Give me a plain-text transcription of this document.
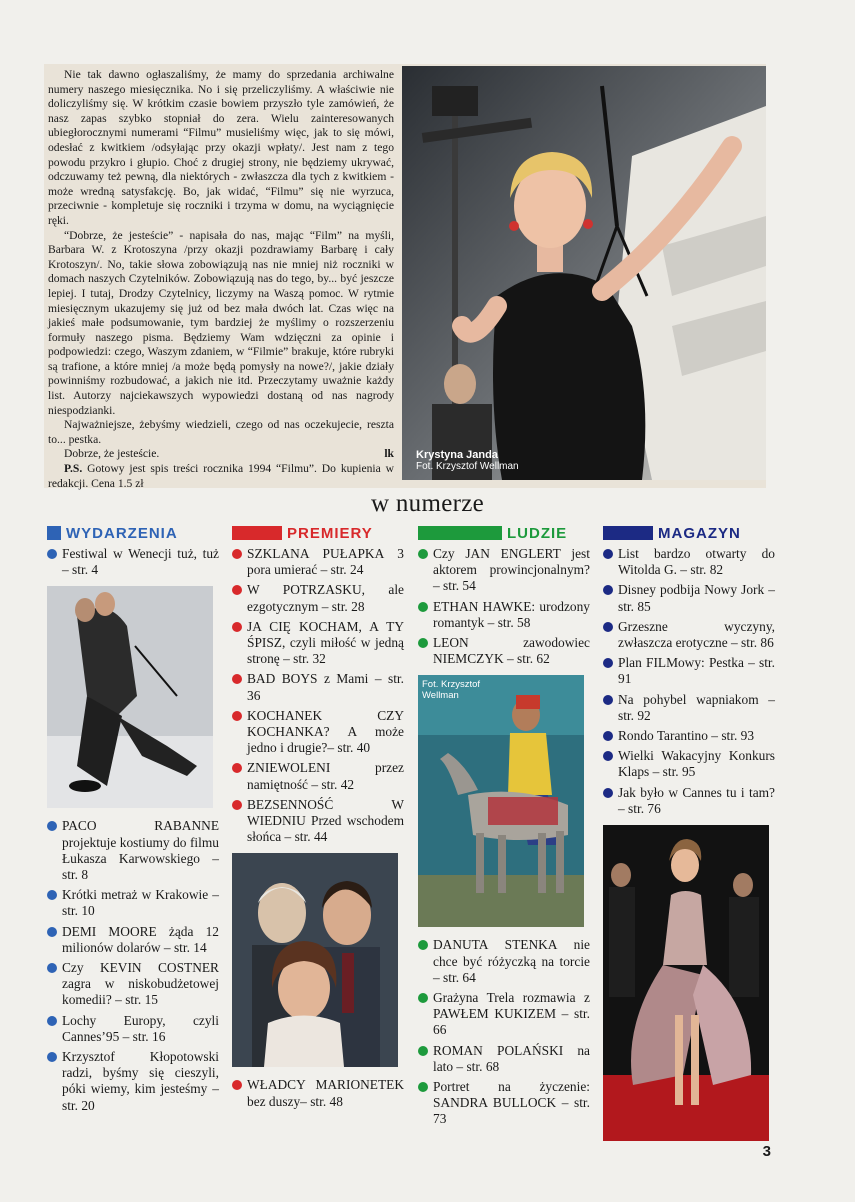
Nie tak dawno ogłaszaliśmy, że mamy do sprzedania archiwalne numery naszego miesięcznika. No i się przeliczyliśmy. A właściwie nie doliczyliśmy się. W krótkim czasie bowiem przyszło tyle zamówień, że nasz zapas szybko stopniał do zera. Wielu zainteresowanych ubiegłorocznymi numerami “Filmu” musieliśmy więc, jak to się mówi, odesłać z kwitkiem /odsyłając przy okazji wpłaty/. Jest nam z tego powodu przykro i głupio. Choć z drugiej strony, nie będziemy ukrywać, odczuwamy też pewną, dla niektórych - zwłaszcza dla tych z kwitkiem - może wredną satysfakcję. Bo, jak widać, “Filmu” się nie wyrzuca, przeciwnie - kompletuje się roczniki i trzyma w domu, na wyciągnięcie ręki.

“Dobrze, że jesteście” - napisała do nas, mając “Film” na myśli, Barbara W. z Krotoszyna /przy okazji pozdrawiamy Barbarę i cały Krotoszyn/. No, takie słowa zobowiązują nas nie mniej niż roczniki w domach naszych Czytelników. Zobowiązują nas do tego, by... być jeszcze lepiej. I tutaj, Drodzy Czytelnicy, liczymy na Waszą pomoc. W rytmie miesięcznym ukazujemy się już od bez mała dwóch lat. Czas więc na jakieś małe podsumowanie, tym bardziej że myślimy o rozszerzeniu formuły naszego pisma. Będziemy Wam wdzięczni za opinie i podpowiedzi: czego, Waszym zdaniem, w “Filmie” brakuje, które rubryki są trafione, a które mniej /a może będą pomysły na nowe?/, jakie działy powinniśmy rozbudować, a jakich nie itd. Przeczytamy uważnie każdy list. Autorzy najciekawszych wypowiedzi dostaną od nas nagrody niespodzianki.

Najważniejsze, żebyśmy wiedzieli, czego od nas oczekujecie, reszta to... pestka.

Dobrze, że jesteście.	lk

P.S. Gotowy jest spis treści rocznika 1994 “Filmu”. Do kupienia w redakcji. Cena 1.5 zł

Krystyna Janda
Fot. Krzysztof Wellman
w numerze
WYDARZENIA
Festiwal w Wenecji tuż, tuż – str. 4
PACO RABANNE projektuje kostiumy do filmu Łukasza Karwowskiego – str. 8
Krótki metraż w Krakowie – str. 10
DEMI MOORE żąda 12 milionów dolarów – str. 14
Czy KEVIN COSTNER zagra w niskobudżetowej komedii? – str. 15
Lochy Europy, czyli Cannes’95 – str. 16
Krzysztof Kłopotowski radzi, byśmy się cieszyli, póki wiemy, kim jesteśmy – str. 20
PREMIERY
SZKLANA PUŁAPKA 3 pora umierać – str. 24
W POTRZASKU, ale ezgotycznym – str. 28
JA CIĘ KOCHAM, A TY ŚPISZ, czyli miłość w jedną stronę – str. 32
BAD BOYS z Mami – str. 36
KOCHANEK CZY KOCHANKA? A może jedno i drugie?– str. 40
ZNIEWOLENI przez namiętność – str. 42
BEZSENNOŚĆ W WIEDNIU Przed wschodem słońca – str. 44
WŁADCY MARIONETEK bez duszy– str. 48
LUDZIE
Czy JAN ENGLERT jest aktorem prowincjonalnym? – str. 54
ETHAN HAWKE: urodzony romantyk – str. 58
LEON zawodowiec NIEMCZYK – str. 62
Fot. Krzysztof Wellman
DANUTA STENKA nie chce być różyczką na torcie – str. 64
Grażyna Trela rozmawia z PAWŁEM KUKIZEM – str. 66
ROMAN POLAŃSKI na lato – str. 68
Portret na życzenie: SANDRA BULLOCK – str. 73
MAGAZYN
List bardzo otwarty do Witolda G. – str. 82
Disney podbija Nowy Jork – str. 85
Grzeszne wyczyny, zwłaszcza erotyczne – str. 86
Plan FILMowy: Pestka – str. 91
Na pohybel wapniakom – str. 92
Rondo Tarantino – str. 93
Wielki Wakacyjny Konkurs Klaps – str. 95
Jak było w Cannes tu i tam? – str. 76
3
